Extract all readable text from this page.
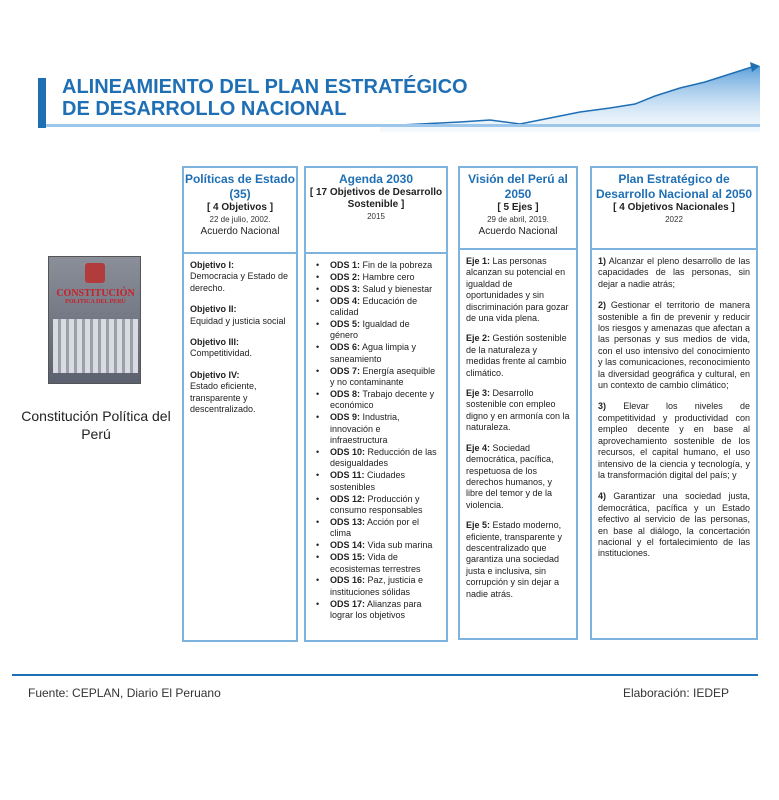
ALINEAMIENTO DEL PLAN ESTRATÉGICO
DE DESARROLLO NACIONAL
CONSTITUCIÓN
POLITICA DEL PERÚ
Constitución Política del Perú
Políticas de Estado (35)
[ 4 Objetivos ]
22 de julio, 2002.
Acuerdo Nacional
Objetivo I:
Democracia y Estado de derecho.
Objetivo II:
Equidad y justicia social
Objetivo III:
Competitividad.
Objetivo IV:
Estado eficiente, transparente y descentralizado.
Agenda 2030
[ 17 Objetivos de Desarrollo Sostenible ]
2015
• ODS 1: Fin de la pobreza
• ODS 2: Hambre cero
• ODS 3: Salud y bienestar
• ODS 4: Educación de calidad
• ODS 5: Igualdad de género
• ODS 6: Agua limpia y saneamiento
• ODS 7: Energía asequible y no contaminante
• ODS 8: Trabajo decente y económico
• ODS 9: Industria, innovación e infraestructura
• ODS 10: Reducción de las desigualdades
• ODS 11: Ciudades sostenibles
• ODS 12: Producción y consumo responsables
• ODS 13: Acción por el clima
• ODS 14: Vida sub marina
• ODS 15: Vida de ecosistemas terrestres
• ODS 16: Paz, justicia e instituciones sólidas
• ODS 17: Alianzas para lograr los objetivos
Visión del Perú al 2050
[ 5 Ejes ]
29 de abril, 2019.
Acuerdo Nacional
Eje 1: Las personas alcanzan su potencial en igualdad de oportunidades y sin discriminación para gozar de una vida plena.
Eje 2: Gestión sostenible de la naturaleza y medidas frente al cambio climático.
Eje 3: Desarrollo sostenible con empleo digno y en armonía con la naturaleza.
Eje 4: Sociedad democrática, pacífica, respetuosa de los derechos humanos, y libre del temor y de la violencia.
Eje 5: Estado moderno, eficiente, transparente y descentralizado que garantiza una sociedad justa e inclusiva, sin corrupción y sin dejar a nadie atrás.
Plan Estratégico de Desarrollo Nacional al 2050
[ 4 Objetivos Nacionales ]
2022
1) Alcanzar el pleno desarrollo de las capacidades de las personas, sin dejar a nadie atrás;
2) Gestionar el territorio de manera sostenible a fin de prevenir y reducir los riesgos y amenazas que afectan a las personas y sus medios de vida, con el uso intensivo del conocimiento y las comunicaciones, reconocimiento la diversidad geográfica y cultural, en un contexto de cambio climático;
3) Elevar los niveles de competitividad y productividad con empleo decente y en base al aprovechamiento sostenible de los recursos, el capital humano, el uso intensivo de la ciencia y tecnología, y la transformación digital del país; y
4) Garantizar una sociedad justa, democrática, pacífica y un Estado efectivo al servicio de las personas, en base al diálogo, la concertación nacional y el fortalecimiento de las instituciones.
Fuente: CEPLAN, Diario El Peruano	Elaboración: IEDEP
